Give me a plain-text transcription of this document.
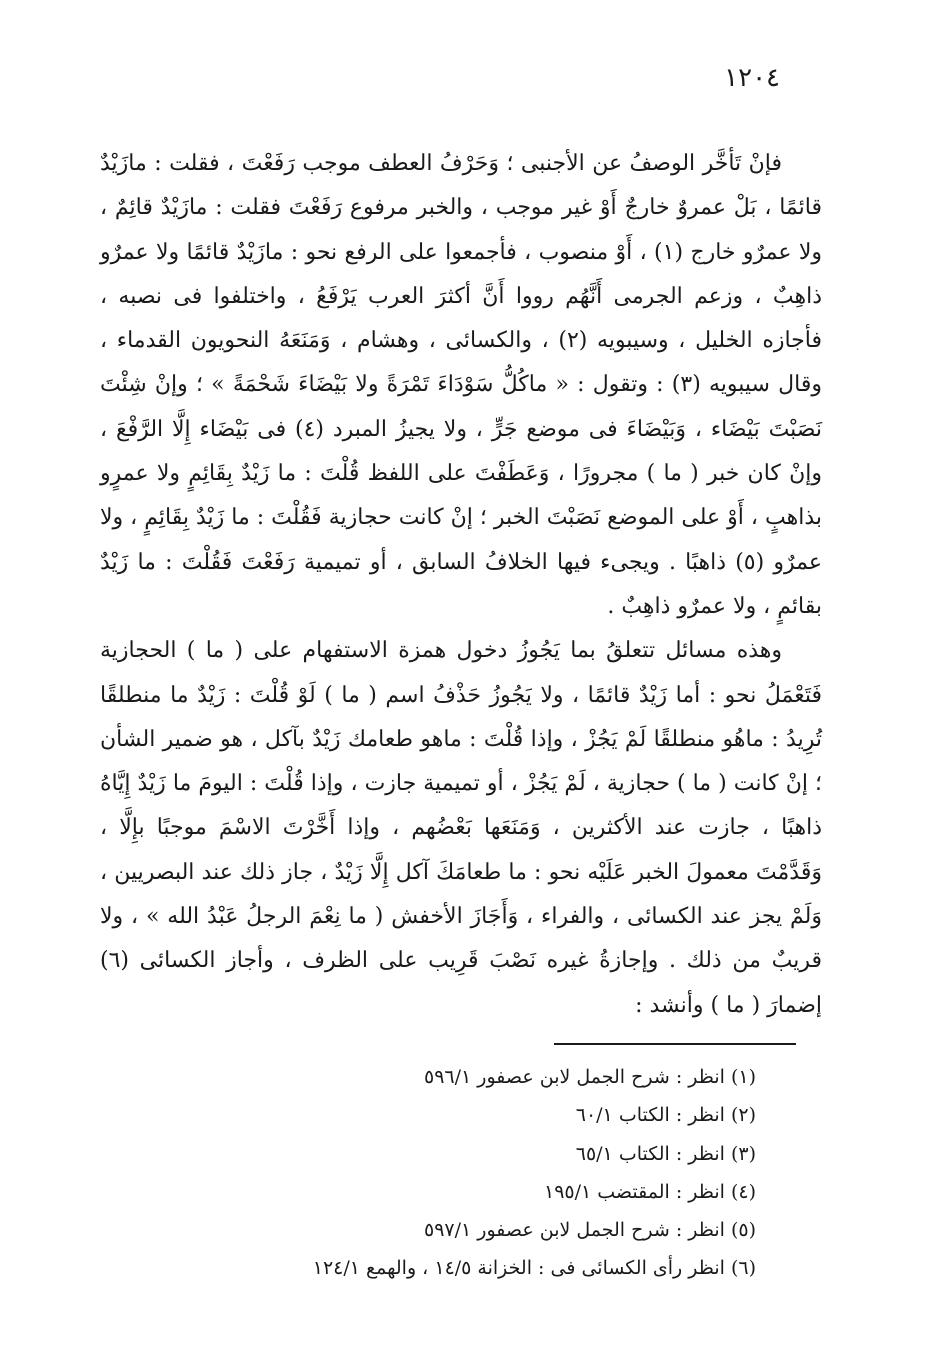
١٢٠٤

فإنْ تَأخَّر الوصفُ عن الأجنبى ؛ وَحَرْفُ العطف موجب رَفَعْتَ ، فقلت : مازَيْدٌ قائمًا ، بَلْ عمروٌ خارجٌ أَوْ غير موجب ، والخبر مرفوع رَفَعْتَ فقلت : مازَيْدٌ قائِمٌ ، ولا عمرٌو خارج (١) ، أَوْ منصوب ، فأجمعوا على الرفع نحو : مازَيْدٌ قائمًا ولا عمرٌو ذاهِبٌ ، وزعم الجرمى أَنَّهُم رووا أَنَّ أكثرَ العرب يَرْفَعُ ، واختلفوا فى نصبه ، فأجازه الخليل ، وسيبويه (٢) ، والكسائى ، وهشام ، وَمَنَعَهُ النحويون القدماء ، وقال سيبويه (٣) : وتقول : « ماكُلُّ سَوْدَاءَ تَمْرَةً ولا بَيْضَاءَ شَحْمَةً » ؛ وإنْ شِئْتَ نَصَبْتَ بَيْضَاء ، وَبَيْضَاءَ فى موضع جَرٍّ ، ولا يجيزُ المبرد (٤) فى بَيْضَاء إِلَّا الرَّفْعَ ، وإنْ كان خبر ( ما ) مجرورًا ، وَعَطَفْتَ على اللفظ قُلْتَ : ما زَيْدٌ بِقَائِمٍ ولا عمرٍو بذاهبٍ ، أَوْ على الموضع نَصَبْتَ الخبر ؛ إنْ كانت حجازية فَقُلْتَ : ما زَيْدٌ بِقَائِمٍ ، ولا عمرٌو (٥) ذاهبًا . ويجىء فيها الخلافُ السابق ، أو تميمية رَفَعْتَ فَقُلْتَ : ما زَيْدٌ بقائمٍ ، ولا عمرٌو ذاهِبٌ .

وهذه مسائل تتعلقُ بما يَجُوزُ دخول همزة الاستفهام على ( ما ) الحجازية فَتَعْمَلُ نحو : أما زَيْدٌ قائمًا ، ولا يَجُوزُ حَذْفُ اسم ( ما ) لَوْ قُلْتَ : زَيْدٌ ما منطلقًا تُرِيدُ : ماهُو منطلقًا لَمْ يَجُزْ ، وإذا قُلْتَ : ماهو طعامك زَيْدٌ بآكل ، هو ضمير الشأن ؛ إنْ كانت ( ما ) حجازية ، لَمْ يَجُزْ ، أو تميمية جازت ، وإذا قُلْتَ : اليومَ ما زَيْدٌ إِيَّاهُ ذاهبًا ، جازت عند الأكثرين ، وَمَنَعَها بَعْضُهم ، وإذا أَخَّرْتَ الاسْمَ موجبًا بإِلَّا ، وَقَدَّمْتَ معمولَ الخبر عَلَيْه نحو : ما طعامَكَ آكل إِلَّا زَيْدٌ ، جاز ذلك عند البصريين ، وَلَمْ يجز عند الكسائى ، والفراء ، وَأَجَازَ الأخفش ( ما نِعْمَ الرجلُ عَبْدُ الله » ، ولا قريبٌ من ذلك . وإجازةُ غيره نَصْبَ قَرِيب على الظرف ، وأجاز الكسائى (٦) إضمارَ ( ما ) وأنشد :

(١) انظر : شرح الجمل لابن عصفور ٥٩٦/١
(٢) انظر : الكتاب ٦٠/١
(٣) انظر : الكتاب ٦٥/١
(٤) انظر : المقتضب ١٩٥/١
(٥) انظر : شرح الجمل لابن عصفور ٥٩٧/١
(٦) انظر رأى الكسائى فى : الخزانة ١٤/٥ ، والهمع ١٢٤/١
